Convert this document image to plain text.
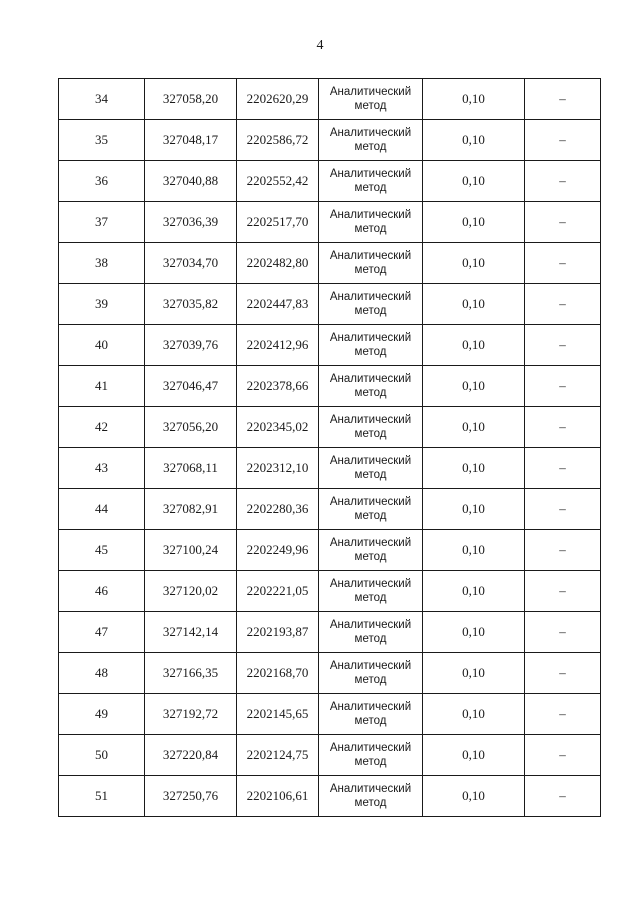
4
34	327058,20	2202620,29	Аналитический
метод	0,10	–
35	327048,17	2202586,72	Аналитический
метод	0,10	–
36	327040,88	2202552,42	Аналитический
метод	0,10	–
37	327036,39	2202517,70	Аналитический
метод	0,10	–
38	327034,70	2202482,80	Аналитический
метод	0,10	–
39	327035,82	2202447,83	Аналитический
метод	0,10	–
40	327039,76	2202412,96	Аналитический
метод	0,10	–
41	327046,47	2202378,66	Аналитический
метод	0,10	–
42	327056,20	2202345,02	Аналитический
метод	0,10	–
43	327068,11	2202312,10	Аналитический
метод	0,10	–
44	327082,91	2202280,36	Аналитический
метод	0,10	–
45	327100,24	2202249,96	Аналитический
метод	0,10	–
46	327120,02	2202221,05	Аналитический
метод	0,10	–
47	327142,14	2202193,87	Аналитический
метод	0,10	–
48	327166,35	2202168,70	Аналитический
метод	0,10	–
49	327192,72	2202145,65	Аналитический
метод	0,10	–
50	327220,84	2202124,75	Аналитический
метод	0,10	–
51	327250,76	2202106,61	Аналитический
метод	0,10	–
